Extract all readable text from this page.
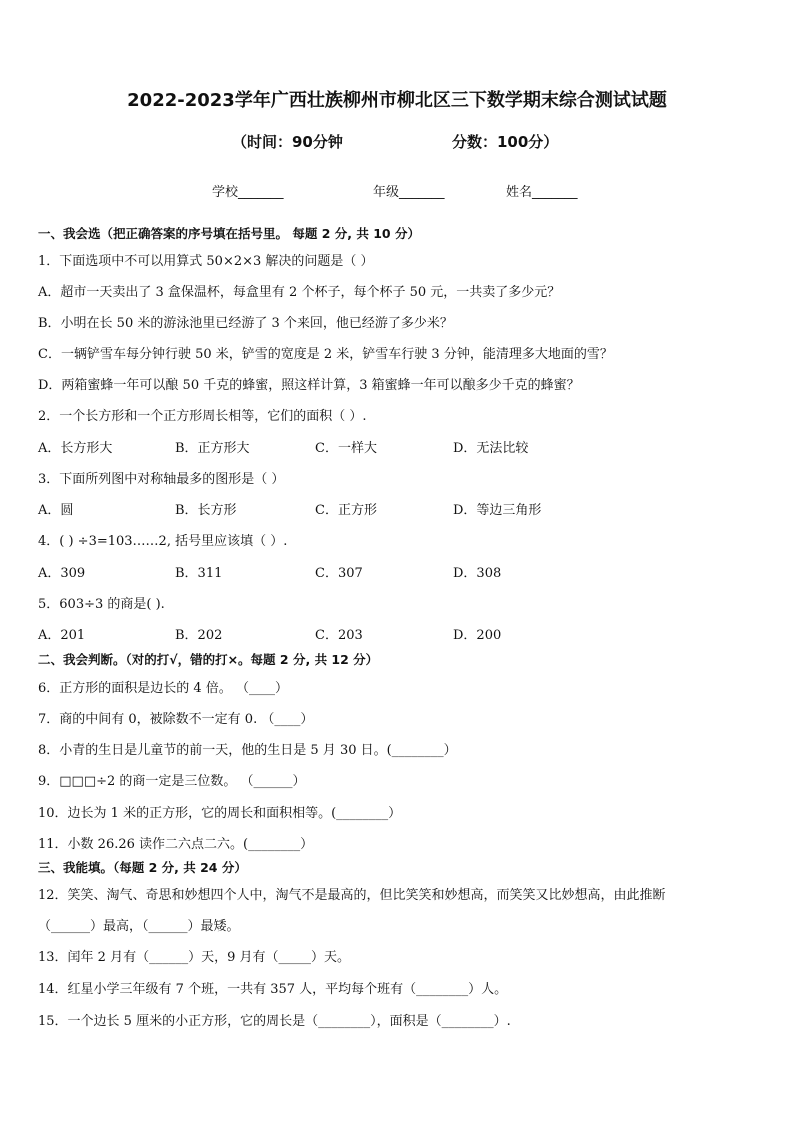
2022-2023学年广西壮族柳州市柳北区三下数学期末综合测试试题
（时间：90分钟	分数：100分）
学校_______	年级_______	姓名_______
一、我会选（把正确答案的序号填在括号里。 每题 2 分, 共 10 分）
1．下面选项中不可以用算式 50×2×3 解决的问题是（ ）
A．超市一天卖出了 3 盒保温杯，每盒里有 2 个杯子，每个杯子 50 元，一共卖了多少元？
B．小明在长 50 米的游泳池里已经游了 3 个来回，他已经游了多少米？
C．一辆铲雪车每分钟行驶 50 米，铲雪的宽度是 2 米，铲雪车行驶 3 分钟，能清理多大地面的雪？
D．两箱蜜蜂一年可以酿 50 千克的蜂蜜，照这样计算，3 箱蜜蜂一年可以酿多少千克的蜂蜜？
2．一个长方形和一个正方形周长相等，它们的面积（ ）.
A．长方形大	B．正方形大	C．一样大	D．无法比较
3．下面所列图中对称轴最多的图形是（ ）
A．圆	B．长方形	C．正方形	D．等边三角形
4．( ) ÷3=103……2, 括号里应该填（ ）.
A．309	B．311	C．307	D．308
5．603÷3 的商是( ).
A．201	B．202	C．203	D．200
二、我会判断。（对的打√，错的打×。每题 2 分, 共 12 分）
6．正方形的面积是边长的 4 倍。 （____）
7．商的中间有 0，被除数不一定有 0. （____）
8．小青的生日是儿童节的前一天，他的生日是 5 月 30 日。(________）
9．□□□÷2 的商一定是三位数。 （______）
10．边长为 1 米的正方形，它的周长和面积相等。(________）
11．小数 26.26 读作二六点二六。(________）
三、我能填。（每题 2 分, 共 24 分）
12．笑笑、淘气、奇思和妙想四个人中，淘气不是最高的，但比笑笑和妙想高，而笑笑又比妙想高，由此推断
（______）最高，（______）最矮。
13．闰年 2 月有（______）天，9 月有（_____）天。
14．红星小学三年级有 7 个班，一共有 357 人，平均每个班有（________）人。
15．一个边长 5 厘米的小正方形，它的周长是（________），面积是（________）.
